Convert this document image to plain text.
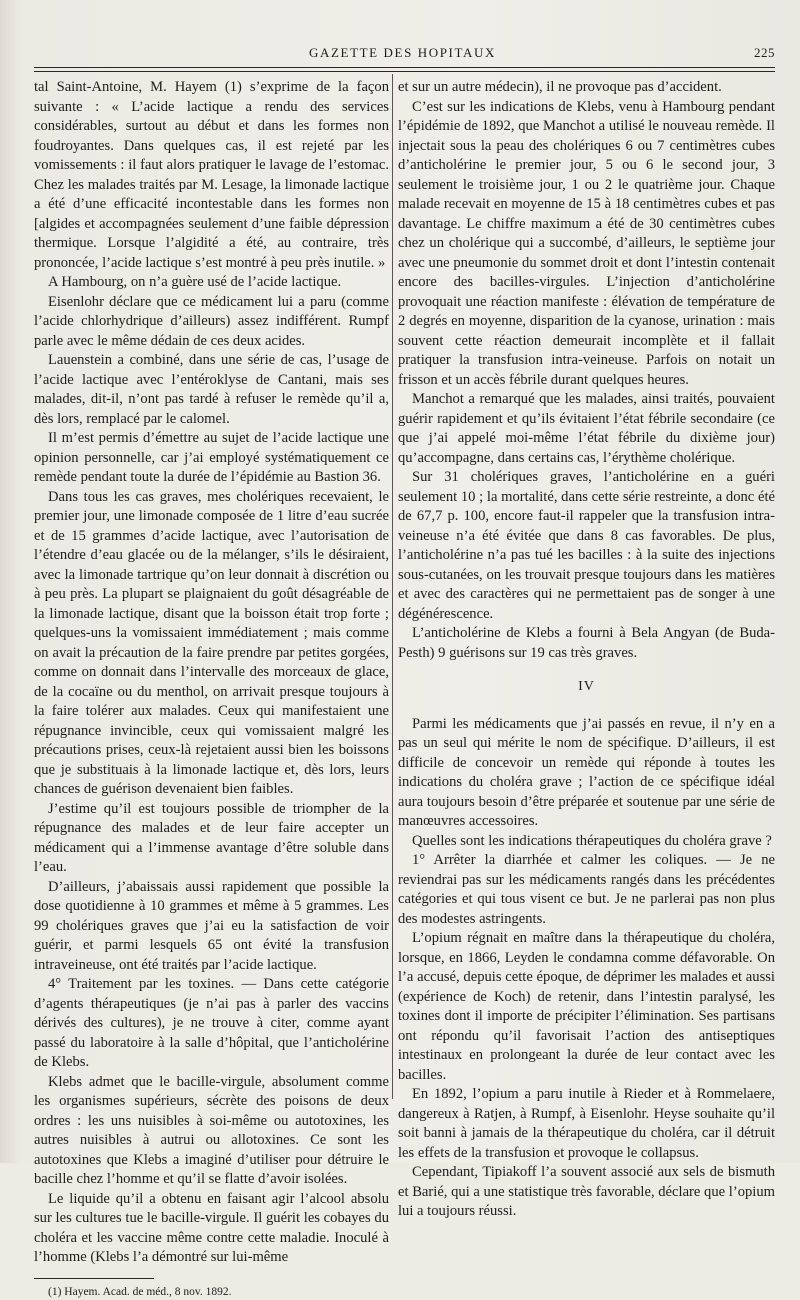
GAZETTE DES HOPITAUX	225

tal Saint-Antoine, M. Hayem (1) s’exprime de la façon suivante : « L’acide lactique a rendu des services considérables, surtout au début et dans les formes non foudroyantes. Dans quelques cas, il est rejeté par les vomissements : il faut alors pratiquer le lavage de l’estomac. Chez les malades traités par M. Lesage, la limonade lactique a été d’une efficacité incontestable dans les formes non [algides et accompagnées seulement d’une faible dépression thermique. Lorsque l’algidité a été, au contraire, très prononcée, l’acide lactique s’est montré à peu près inutile. »

A Hambourg, on n’a guère usé de l’acide lactique.

Eisenlohr déclare que ce médicament lui a paru (comme l’acide chlorhydrique d’ailleurs) assez indifférent. Rumpf parle avec le même dédain de ces deux acides.

Lauenstein a combiné, dans une série de cas, l’usage de l’acide lactique avec l’entéroklyse de Cantani, mais ses malades, dit-il, n’ont pas tardé à refuser le remède qu’il a, dès lors, remplacé par le calomel.

Il m’est permis d’émettre au sujet de l’acide lactique une opinion personnelle, car j’ai employé systématiquement ce remède pendant toute la durée de l’épidémie au Bastion 36.

Dans tous les cas graves, mes cholériques recevaient, le premier jour, une limonade composée de 1 litre d’eau sucrée et de 15 grammes d’acide lactique, avec l’autorisation de l’étendre d’eau glacée ou de la mélanger, s’ils le désiraient, avec la limonade tartrique qu’on leur donnait à discrétion ou à peu près. La plupart se plaignaient du goût désagréable de la limonade lactique, disant que la boisson était trop forte ; quelques-uns la vomissaient immédiatement ; mais comme on avait la précaution de la faire prendre par petites gorgées, comme on donnait dans l’intervalle des morceaux de glace, de la cocaïne ou du menthol, on arrivait presque toujours à la faire tolérer aux malades. Ceux qui manifestaient une répugnance invincible, ceux qui vomissaient malgré les précautions prises, ceux-là rejetaient aussi bien les boissons que je substituais à la limonade lactique et, dès lors, leurs chances de guérison devenaient bien faibles.

J’estime qu’il est toujours possible de triompher de la répugnance des malades et de leur faire accepter un médicament qui a l’immense avantage d’être soluble dans l’eau.

D’ailleurs, j’abaissais aussi rapidement que possible la dose quotidienne à 10 grammes et même à 5 grammes. Les 99 cholériques graves que j’ai eu la satisfaction de voir guérir, et parmi lesquels 65 ont évité la transfusion intraveineuse, ont été traités par l’acide lactique.

4° Traitement par les toxines. — Dans cette catégorie d’agents thérapeutiques (je n’ai pas à parler des vaccins dérivés des cultures), je ne trouve à citer, comme ayant passé du laboratoire à la salle d’hôpital, que l’anticholérine de Klebs.

Klebs admet que le bacille-virgule, absolument comme les organismes supérieurs, sécrète des poisons de deux ordres : les uns nuisibles à soi-même ou autotoxines, les autres nuisibles à autrui ou allotoxines. Ce sont les autotoxines que Klebs a imaginé d’utiliser pour détruire le bacille chez l’homme et qu’il se flatte d’avoir isolées.

Le liquide qu’il a obtenu en faisant agir l’alcool absolu sur les cultures tue le bacille-virgule. Il guérit les cobayes du choléra et les vaccine même contre cette maladie. Inoculé à l’homme (Klebs l’a démontré sur lui-même

(1) Hayem. Acad. de méd., 8 nov. 1892.

et sur un autre médecin), il ne provoque pas d’accident.

C’est sur les indications de Klebs, venu à Hambourg pendant l’épidémie de 1892, que Manchot a utilisé le nouveau remède. Il injectait sous la peau des cholériques 6 ou 7 centimètres cubes d’anticholérine le premier jour, 5 ou 6 le second jour, 3 seulement le troisième jour, 1 ou 2 le quatrième jour. Chaque malade recevait en moyenne de 15 à 18 centimètres cubes et pas davantage. Le chiffre maximum a été de 30 centimètres cubes chez un cholérique qui a succombé, d’ailleurs, le septième jour avec une pneumonie du sommet droit et dont l’intestin contenait encore des bacilles-virgules. L’injection d’anticholérine provoquait une réaction manifeste : élévation de température de 2 degrés en moyenne, disparition de la cyanose, urination : mais souvent cette réaction demeurait incomplète et il fallait pratiquer la transfusion intra-veineuse. Parfois on notait un frisson et un accès fébrile durant quelques heures.

Manchot a remarqué que les malades, ainsi traités, pouvaient guérir rapidement et qu’ils évitaient l’état fébrile secondaire (ce que j’ai appelé moi-même l’état fébrile du dixième jour) qu’accompagne, dans certains cas, l’érythème cholérique.

Sur 31 cholériques graves, l’anticholérine en a guéri seulement 10 ; la mortalité, dans cette série restreinte, a donc été de 67,7 p. 100, encore faut-il rappeler que la transfusion intra-veineuse n’a été évitée que dans 8 cas favorables. De plus, l’anticholérine n’a pas tué les bacilles : à la suite des injections sous-cutanées, on les trouvait presque toujours dans les matières et avec des caractères qui ne permettaient pas de songer à une dégénérescence.

L’anticholérine de Klebs a fourni à Bela Angyan (de Buda-Pesth) 9 guérisons sur 19 cas très graves.

IV

Parmi les médicaments que j’ai passés en revue, il n’y en a pas un seul qui mérite le nom de spécifique. D’ailleurs, il est difficile de concevoir un remède qui réponde à toutes les indications du choléra grave ; l’action de ce spécifique idéal aura toujours besoin d’être préparée et soutenue par une série de manœuvres accessoires.

Quelles sont les indications thérapeutiques du choléra grave ?

1° Arrêter la diarrhée et calmer les coliques. — Je ne reviendrai pas sur les médicaments rangés dans les précédentes catégories et qui tous visent ce but. Je ne parlerai pas non plus des modestes astringents.

L’opium régnait en maître dans la thérapeutique du choléra, lorsque, en 1866, Leyden le condamna comme défavorable. On l’a accusé, depuis cette époque, de déprimer les malades et aussi (expérience de Koch) de retenir, dans l’intestin paralysé, les toxines dont il importe de précipiter l’élimination. Ses partisans ont répondu qu’il favorisait l’action des antiseptiques intestinaux en prolongeant la durée de leur contact avec les bacilles.

En 1892, l’opium a paru inutile à Rieder et à Rommelaere, dangereux à Ratjen, à Rumpf, à Eisenlohr. Heyse souhaite qu’il soit banni à jamais de la thérapeutique du choléra, car il détruit les effets de la transfusion et provoque le collapsus.

Cependant, Tipiakoff l’a souvent associé aux sels de bismuth et Barié, qui a une statistique très favorable, déclare que l’opium lui a toujours réussi.
